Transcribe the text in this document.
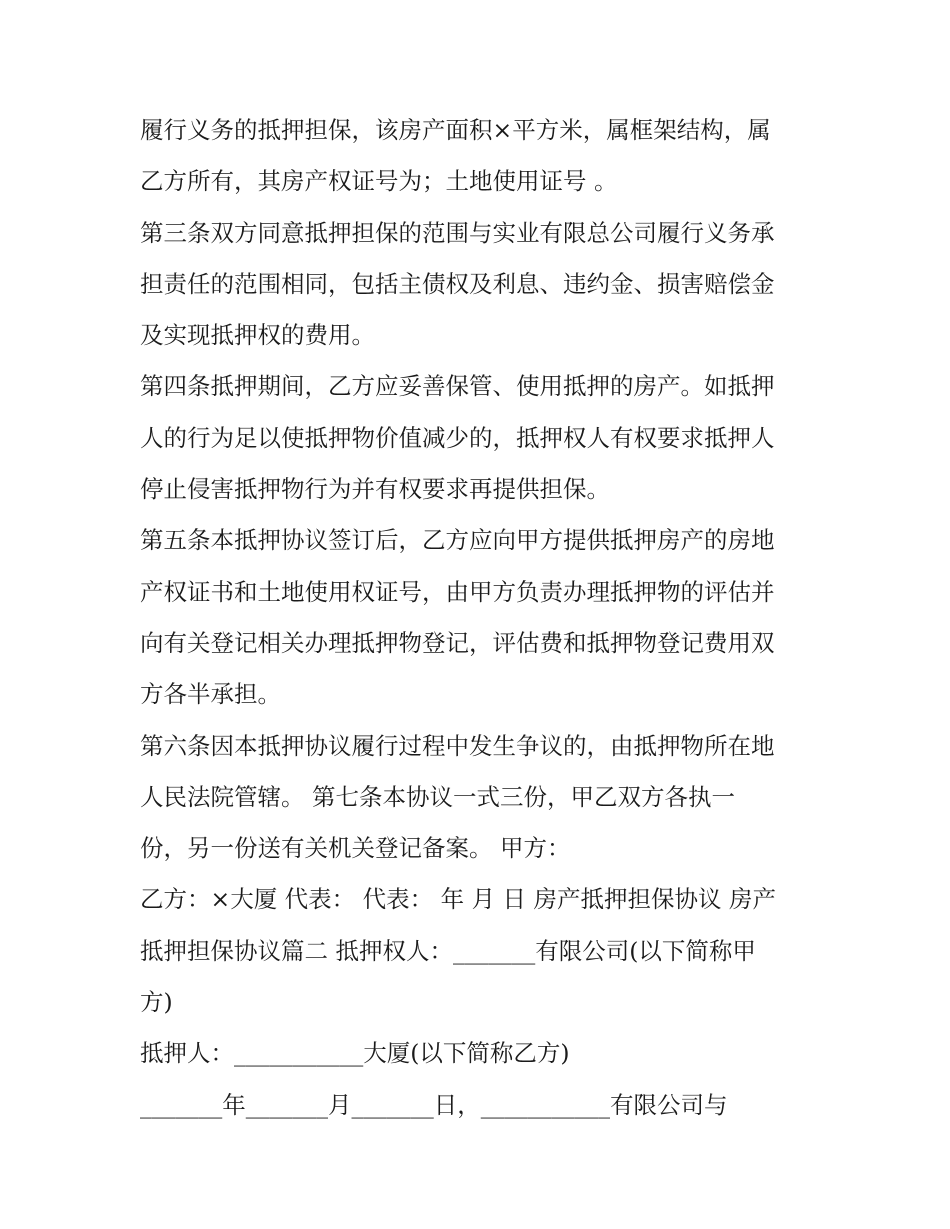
履行义务的抵押担保，该房产面积×平方米，属框架结构，属
乙方所有，其房产权证号为；土地使用证号 。
第三条双方同意抵押担保的范围与实业有限总公司履行义务承
担责任的范围相同，包括主债权及利息、违约金、损害赔偿金
及实现抵押权的费用。
第四条抵押期间，乙方应妥善保管、使用抵押的房产。如抵押
人的行为足以使抵押物价值减少的，抵押权人有权要求抵押人
停止侵害抵押物行为并有权要求再提供担保。
第五条本抵押协议签订后，乙方应向甲方提供抵押房产的房地
产权证书和土地使用权证号，由甲方负责办理抵押物的评估并
向有关登记相关办理抵押物登记，评估费和抵押物登记费用双
方各半承担。
第六条因本抵押协议履行过程中发生争议的，由抵押物所在地
人民法院管辖。 第七条本协议一式三份，甲乙双方各执一
份，另一份送有关机关登记备案。 甲方：
乙方：×大厦 代表： 代表： 年 月 日 房产抵押担保协议 房产
抵押担保协议篇二 抵押权人：_______有限公司(以下简称甲
方)
抵押人：___________大厦(以下简称乙方)
_______年_______月_______日，___________有限公司与
